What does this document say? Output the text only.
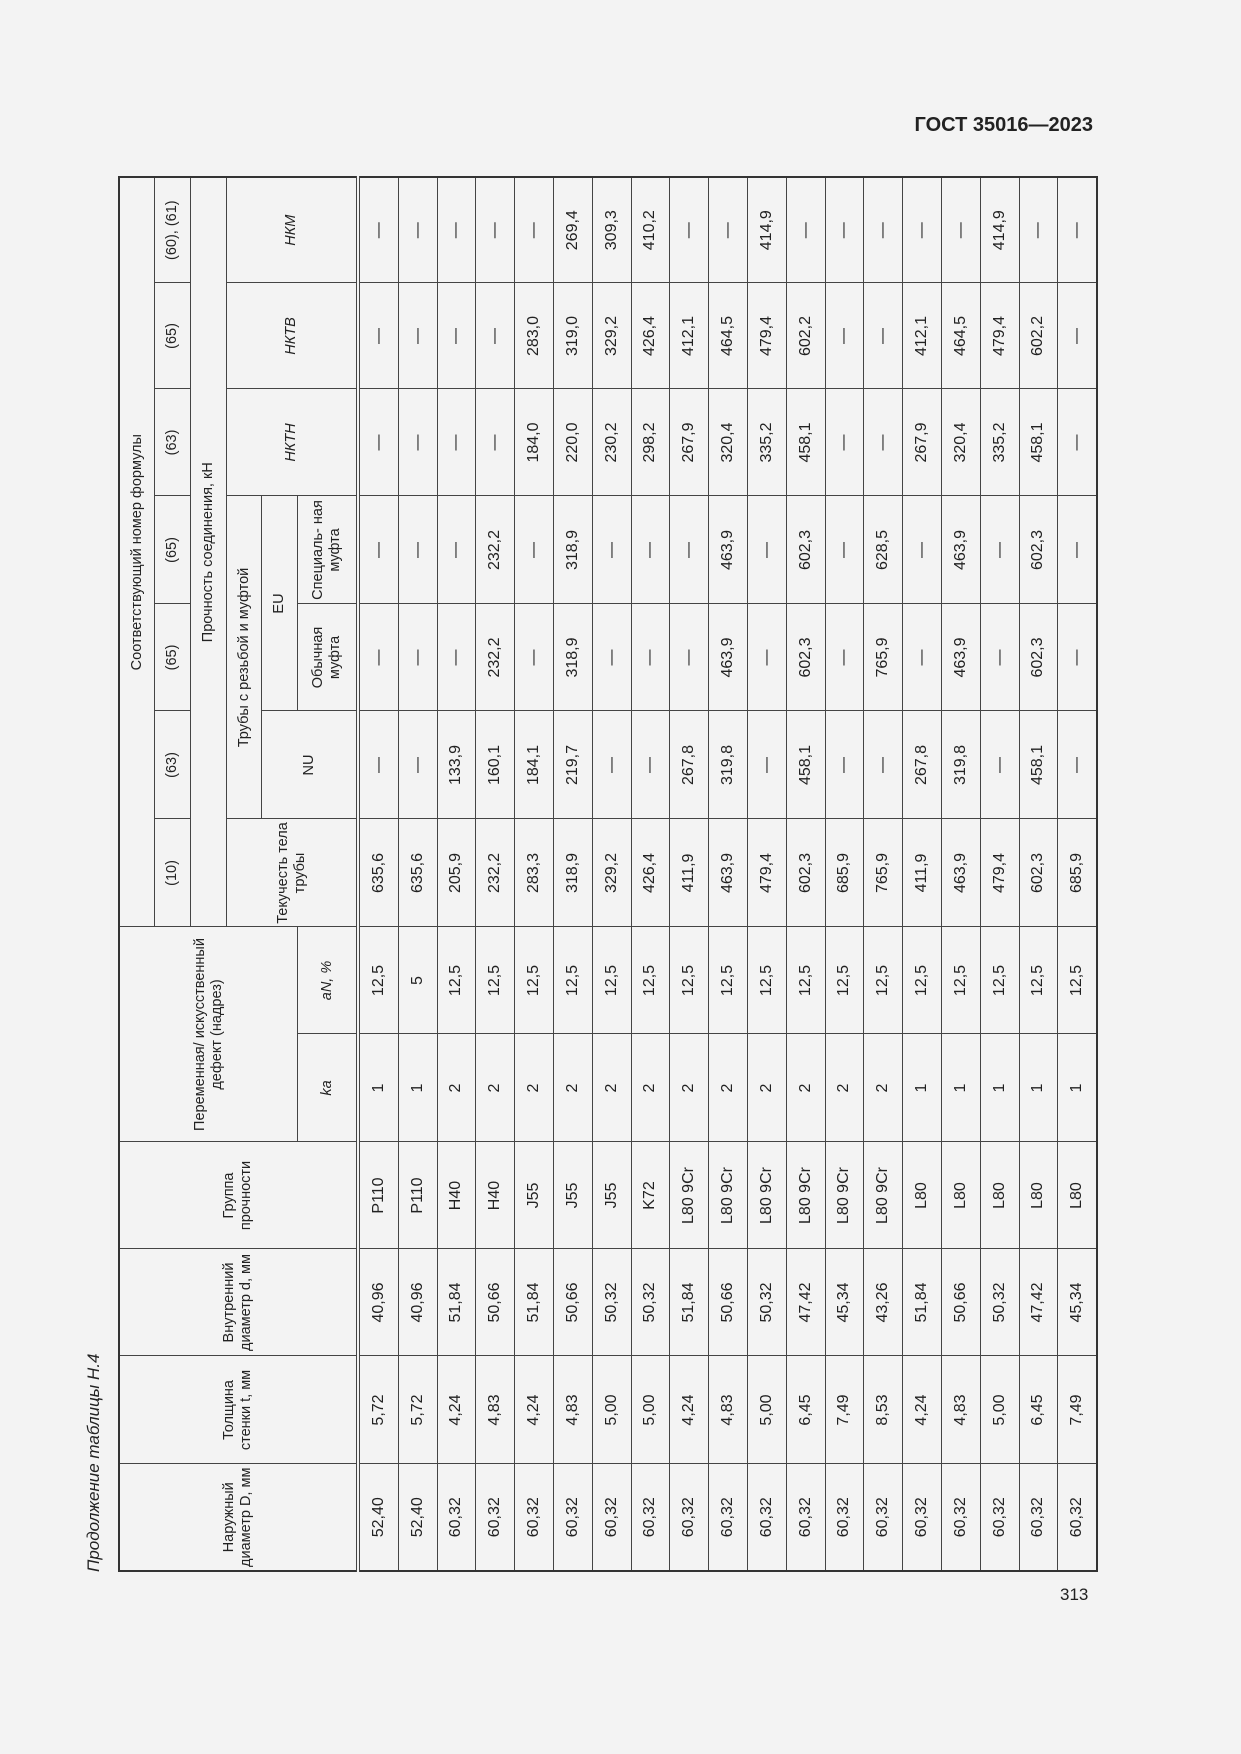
ГОСТ 35016—2023
Продолжение таблицы Н.4	Наружный диаметр D, мм	Толщина стенки t, мм	Внутренний диаметр d, мм	Группа прочности	Переменная/ искусственный дефект (надрез)		Соответствующий номер формулы						
						(10)	(63)	(65)	(65)	(63)	(65)	(60), (61)
						Прочность соединения, кН						
						Текучесть тела трубы	Трубы с резьбой и муфтой			НКТН	НКТВ	НКМ
							NU	EU				
				kа	aN, %			Обычная муфта	Специаль- ная муфта			
52,40	5,72	40,96	P110	1	12,5	635,6	—	—	—	—	—	—
52,40	5,72	40,96	P110	1	5	635,6	—	—	—	—	—	—
60,32	4,24	51,84	H40	2	12,5	205,9	133,9	—	—	—	—	—
60,32	4,83	50,66	H40	2	12,5	232,2	160,1	232,2	232,2	—	—	—
60,32	4,24	51,84	J55	2	12,5	283,3	184,1	—	—	184,0	283,0	—
60,32	4,83	50,66	J55	2	12,5	318,9	219,7	318,9	318,9	220,0	319,0	269,4
60,32	5,00	50,32	J55	2	12,5	329,2	—	—	—	230,2	329,2	309,3
60,32	5,00	50,32	K72	2	12,5	426,4	—	—	—	298,2	426,4	410,2
60,32	4,24	51,84	L80 9Cr	2	12,5	411,9	267,8	—	—	267,9	412,1	—
60,32	4,83	50,66	L80 9Cr	2	12,5	463,9	319,8	463,9	463,9	320,4	464,5	—
60,32	5,00	50,32	L80 9Cr	2	12,5	479,4	—	—	—	335,2	479,4	414,9
60,32	6,45	47,42	L80 9Cr	2	12,5	602,3	458,1	602,3	602,3	458,1	602,2	—
60,32	7,49	45,34	L80 9Cr	2	12,5	685,9	—	—	—	—	—	—
60,32	8,53	43,26	L80 9Cr	2	12,5	765,9	—	765,9	628,5	—	—	—
60,32	4,24	51,84	L80	1	12,5	411,9	267,8	—	—	267,9	412,1	—
60,32	4,83	50,66	L80	1	12,5	463,9	319,8	463,9	463,9	320,4	464,5	—
60,32	5,00	50,32	L80	1	12,5	479,4	—	—	—	335,2	479,4	414,9
60,32	6,45	47,42	L80	1	12,5	602,3	458,1	602,3	602,3	458,1	602,2	—
60,32	7,49	45,34	L80	1	12,5	685,9	—	—	—	—	—	—
313
